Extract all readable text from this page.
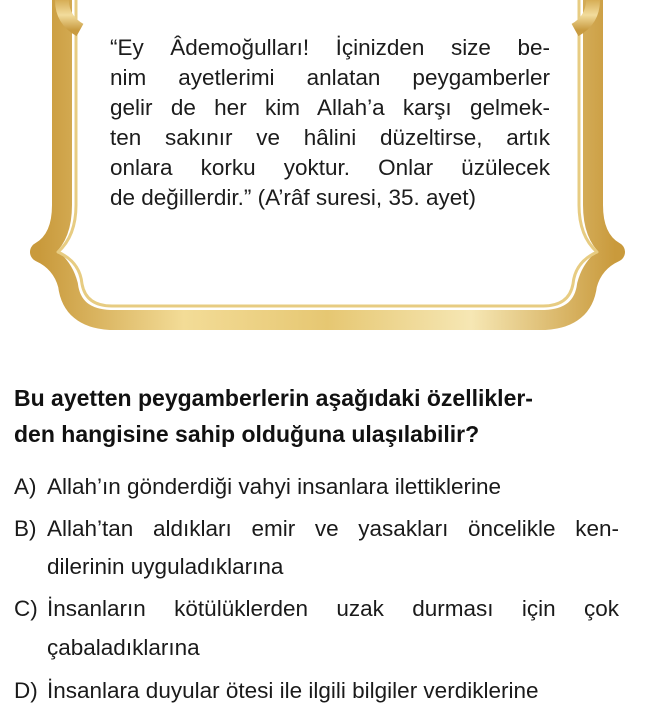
“Ey Âdemoğulları! İçinizden size be-
nim ayetlerimi anlatan peygamberler
gelir de her kim Allah’a karşı gelmek-
ten sakınır ve hâlini düzeltirse, artık
onlara korku yoktur. Onlar üzülecek
de değillerdir.” (A’râf suresi, 35. ayet)
Bu ayetten peygamberlerin aşağıdaki özellikler-
den hangisine sahip olduğuna ulaşılabilir?
A) Allah’ın gönderdiği vahyi insanlara ilettiklerine
B) Allah’tan aldıkları emir ve yasakları öncelikle ken-
dilerinin uyguladıklarına
C) İnsanların kötülüklerden uzak durması için çok
çabaladıklarına
D) İnsanlara duyular ötesi ile ilgili bilgiler verdiklerine
